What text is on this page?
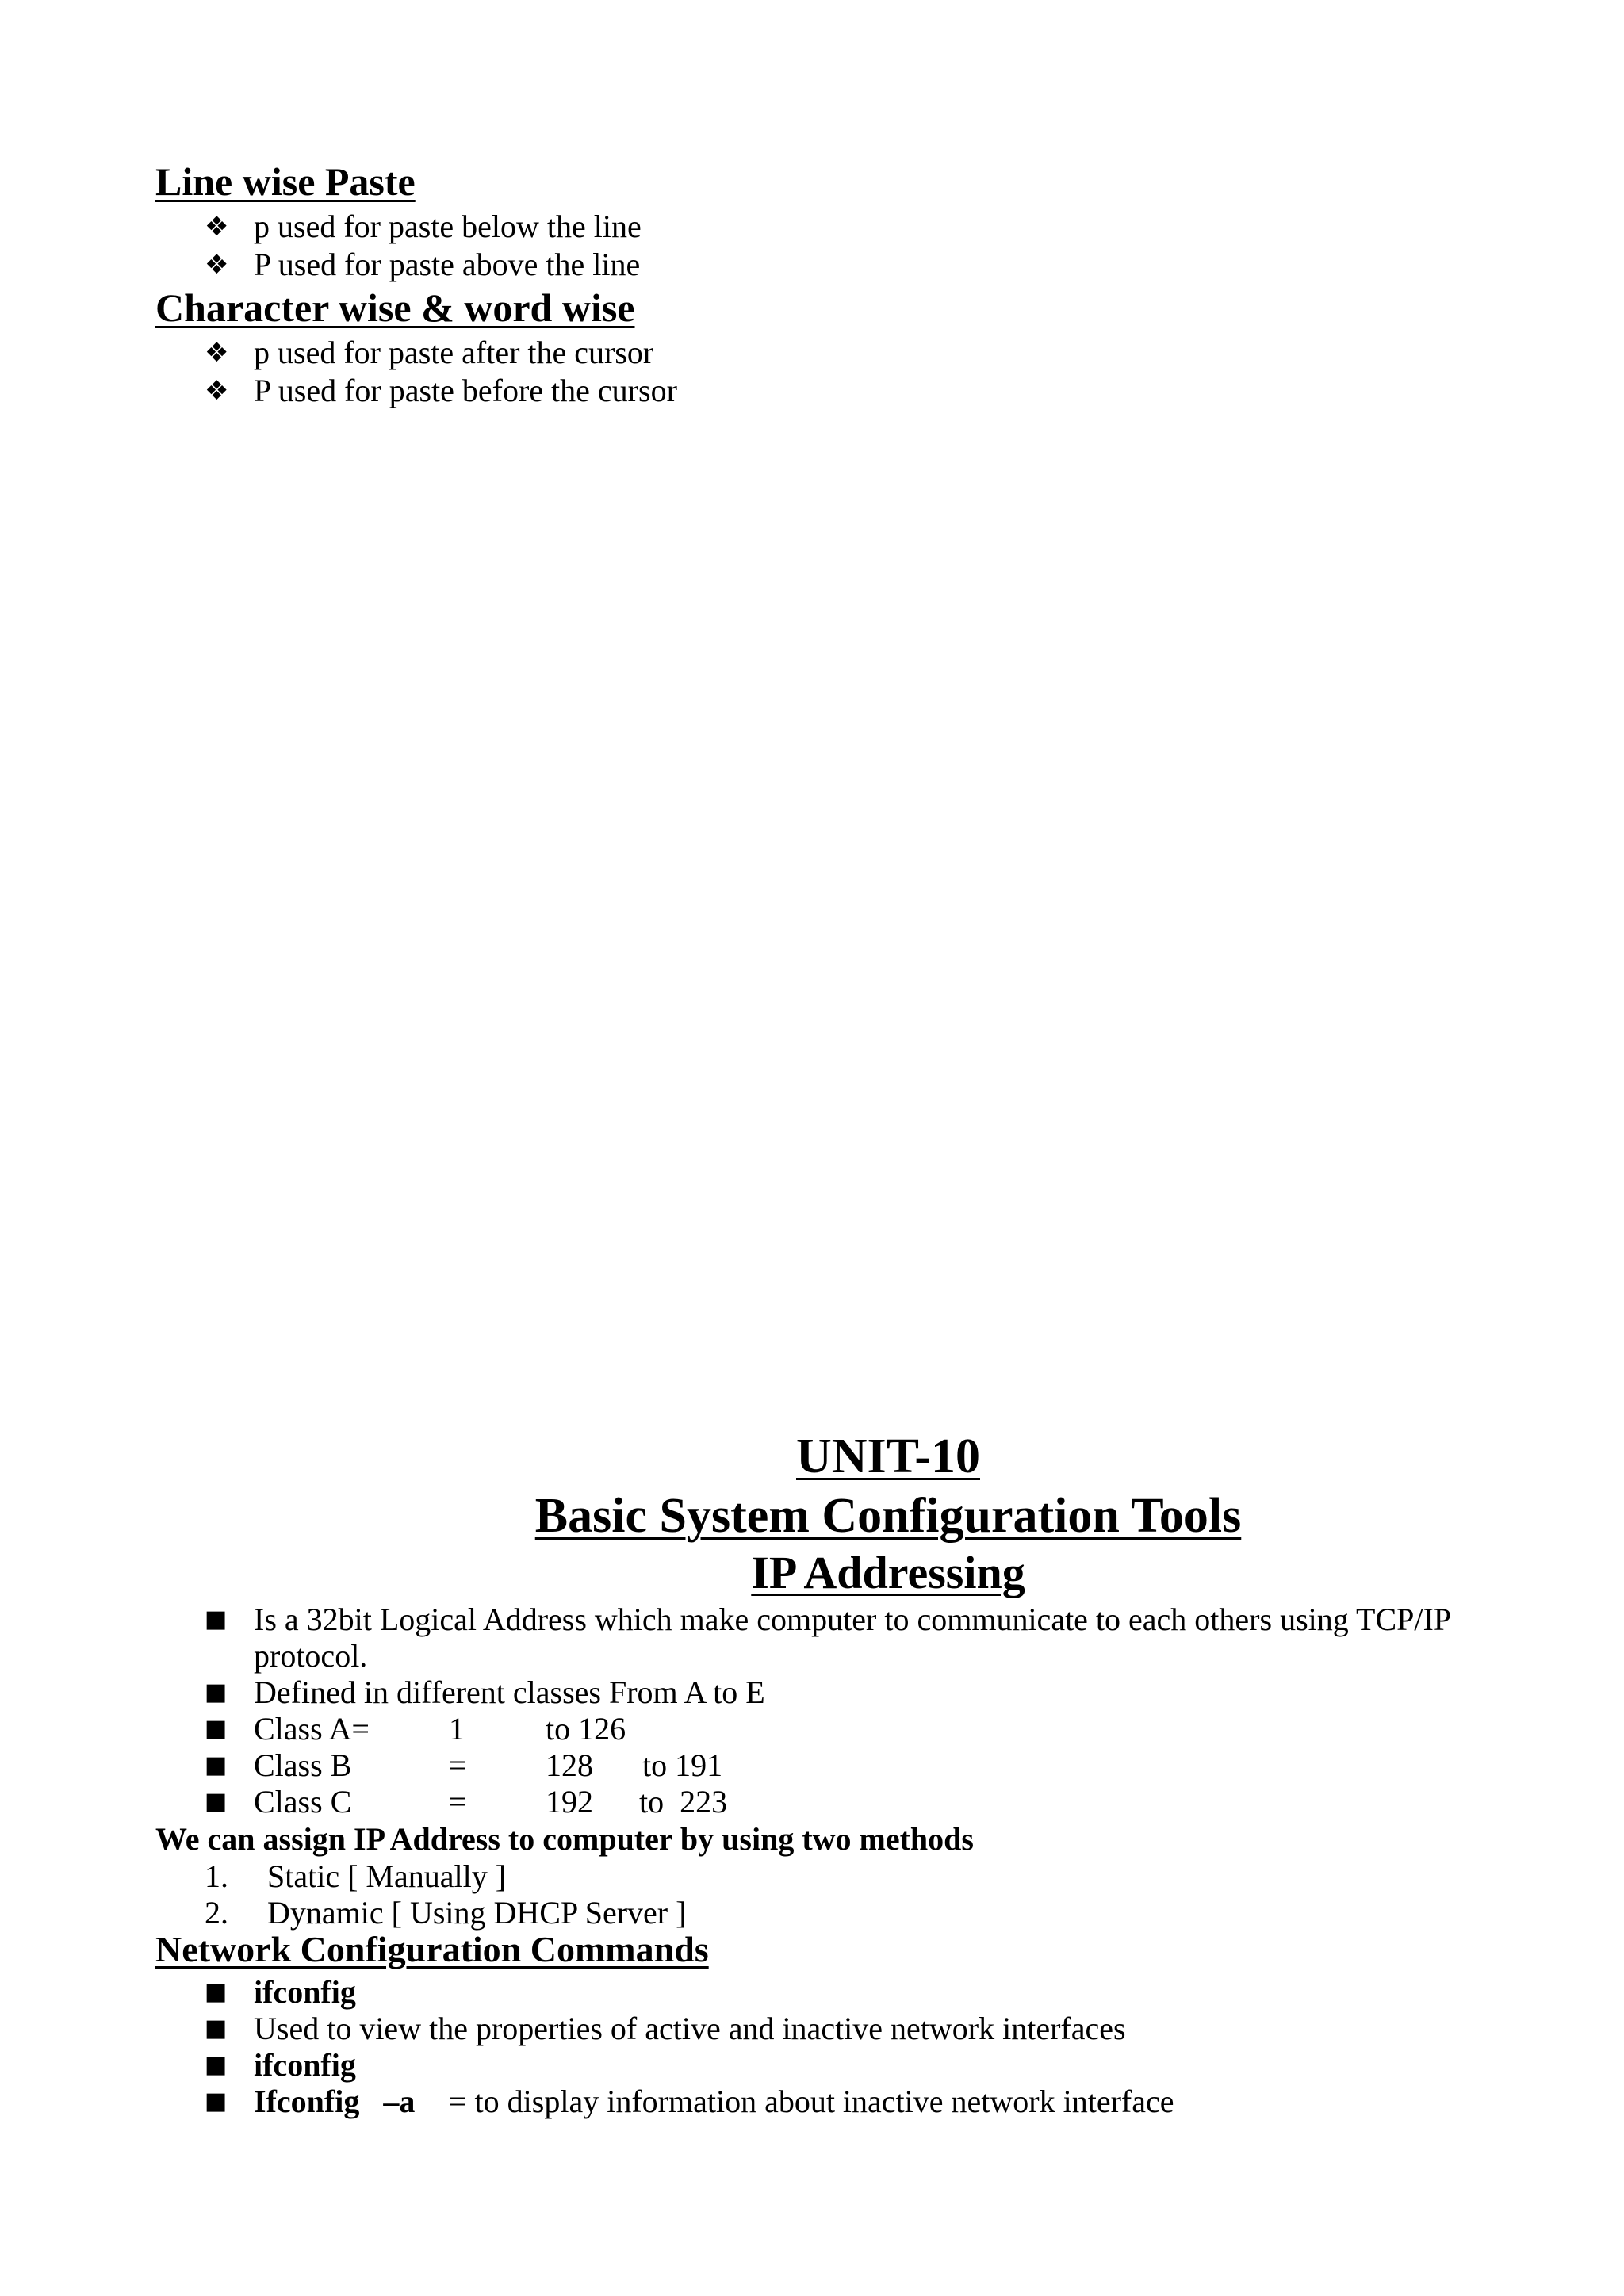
Line wise Paste
❖ p used for paste below the line
❖ P used for paste above the line
Character wise & word wise
❖ p used for paste after the cursor
❖ P used for paste before the cursor
UNIT-10
Basic System Configuration Tools
IP Addressing
■ Is a 32bit Logical Address which make computer to communicate to each others using TCP/IP
protocol.
■ Defined in different classes From A to E
■ Class A=	1	to 126
■ Class B	= 128 to 191
■ Class C	= 192 to  223
We can assign IP Address to computer by using two methods
1. Static [ Manually ]
2. Dynamic [ Using DHCP Server ]
Network Configuration Commands
■ ifconfig
■ Used to view the properties of active and inactive network interfaces
■ ifconfig
■ Ifconfig   –a = to display information about inactive network interface
